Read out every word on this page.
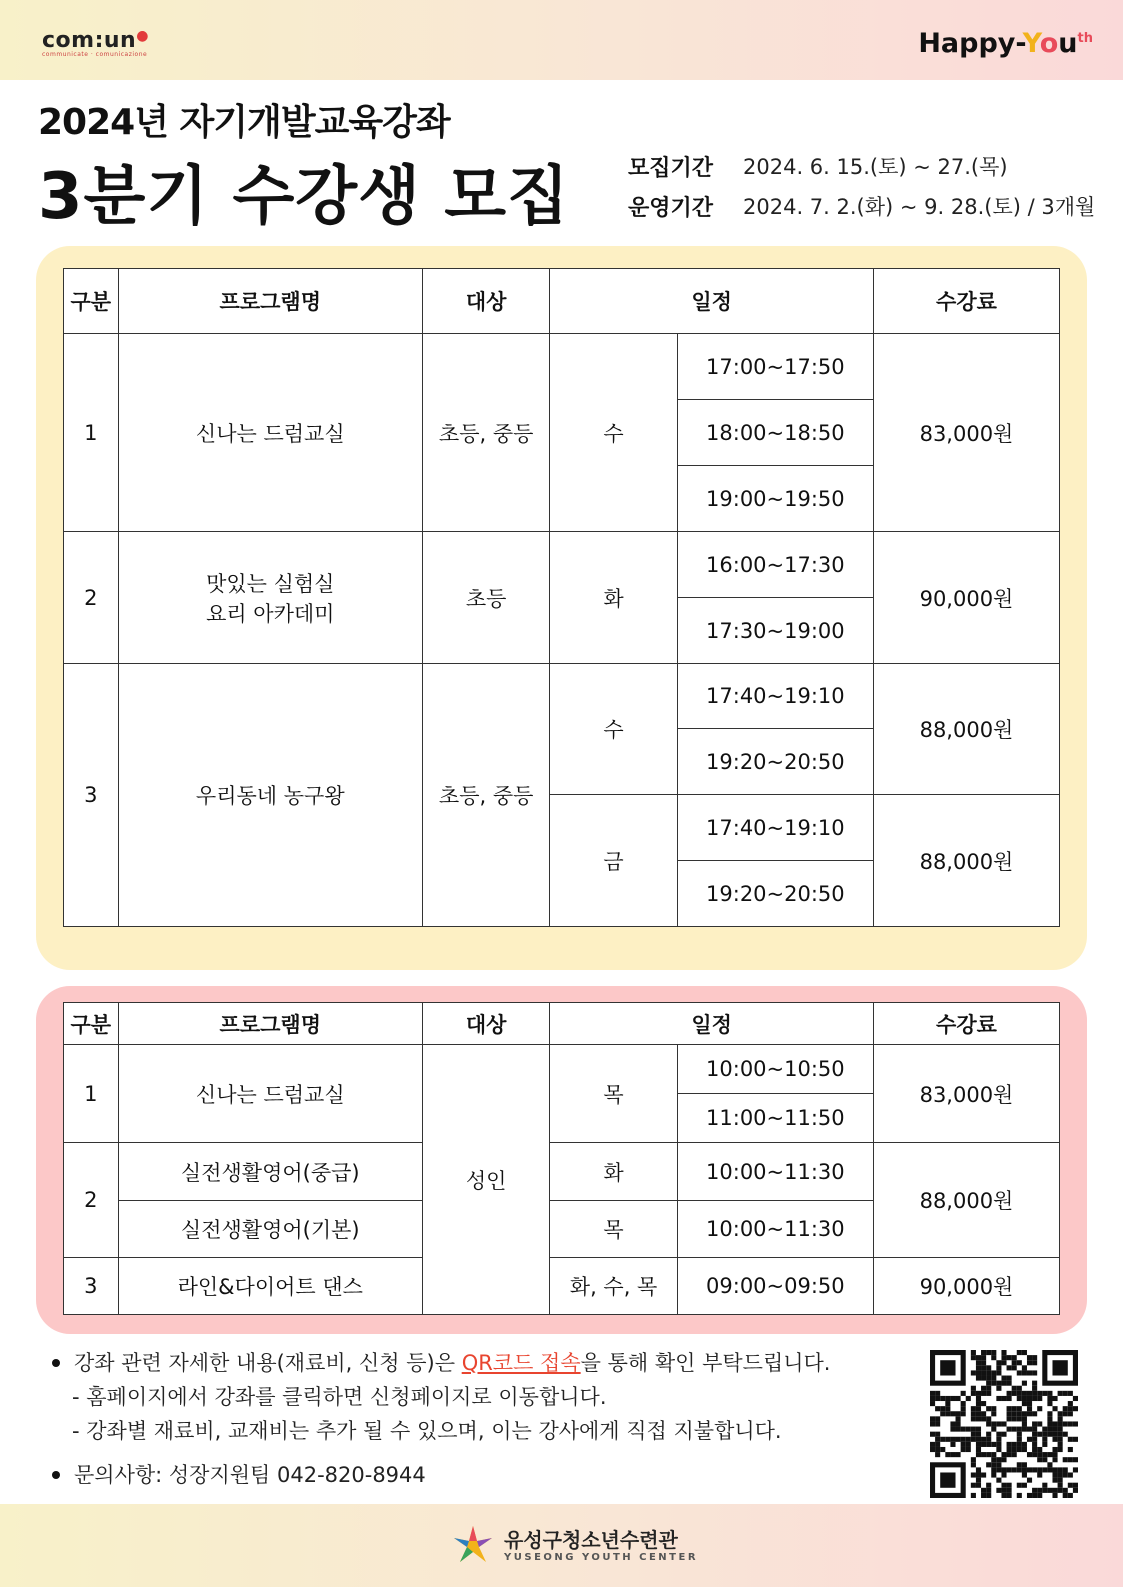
com:un●
communicate · comunicazione	Happy-You$^{th}$
2024년 자기개발교육강좌
3분기 수강생 모집	모집기간	2024. 6. 15.(토) ~ 27.(목)
운영기간	2024. 7. 2.(화) ~ 9. 28.(토) / 3개월
구분	프로그램명	대상	일정		수강료
1	신나는 드럼교실	초등, 중등	수	17:00~17:50	83,000원
				18:00~18:50	
				19:00~19:50	
2	맛있는 실험실
요리 아카데미	초등	화	16:00~17:30	90,000원
				17:30~19:00	
3	우리동네 농구왕	초등, 중등	수	17:40~19:10	88,000원
				19:20~20:50	
			금	17:40~19:10	88,000원
				19:20~20:50	
구분	프로그램명	대상	일정		수강료
1	신나는 드럼교실	성인	목	10:00~10:50	83,000원
				11:00~11:50	
2	실전생활영어(중급)		화	10:00~11:30	88,000원
	실전생활영어(기본)		목	10:00~11:30	
3	라인&다이어트 댄스		화, 수, 목	09:00~09:50	90,000원
강좌 관련 자세한 내용(재료비, 신청 등)은 QR코드 접속을 통해 확인 부탁드립니다.
- 홈페이지에서 강좌를 클릭하면 신청페이지로 이동합니다.
- 강좌별 재료비, 교재비는 추가 될 수 있으며, 이는 강사에게 직접 지불합니다.
문의사항: 성장지원팀 042-820-8944
유성구청소년수련관
YUSEONG YOUTH CENTER
